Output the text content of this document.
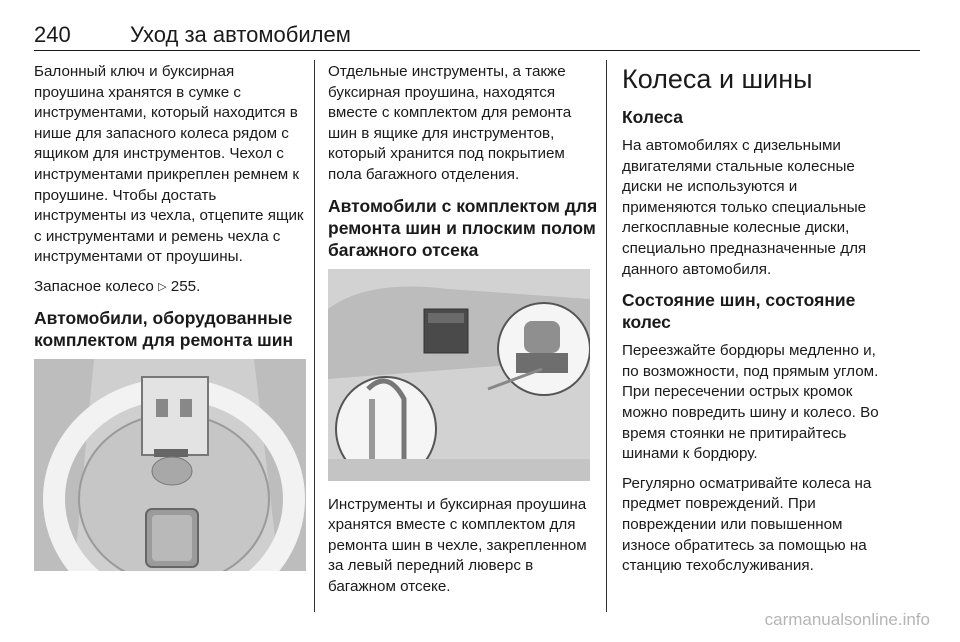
240	Уход за автомобилем

Балонный ключ и буксирная проушина хранятся в сумке с инструментами, который находится в нише для запасного колеса рядом с ящиком для инструментов. Чехол с инструментами прикреплен ремнем к проушине. Чтобы достать инструменты из чехла, отцепите ящик с инструментами и ремень чехла с инструментами от проушины.

Запасное колесо ▷ 255.

Автомобили, оборудованные комплектом для ремонта шин

Отдельные инструменты, а также буксирная проушина, находятся вместе с комплектом для ремонта шин в ящике для инструментов, который хранится под покрытием пола багажного отделения.

Автомобили с комплектом для ремонта шин и плоским полом багажного отсека

Инструменты и буксирная проушина хранятся вместе с комплектом для ремонта шин в чехле, закрепленном за левый передний люверс в багажном отсеке.

Колеса и шины
Колеса

На автомобилях с дизельными двигателями стальные колесные диски не используются и применяются только специальные легкосплавные колесные диски, специально предназначенные для данного автомобиля.

Состояние шин, состояние колес

Переезжайте бордюры медленно и, по возможности, под прямым углом. При пересечении острых кромок можно повредить шину и колесо. Во время стоянки не притирайтесь шинами к бордюру.

Регулярно осматривайте колеса на предмет повреждений. При повреждении или повышенном износе обратитесь за помощью на станцию техобслуживания.

carmanualsonline.info
